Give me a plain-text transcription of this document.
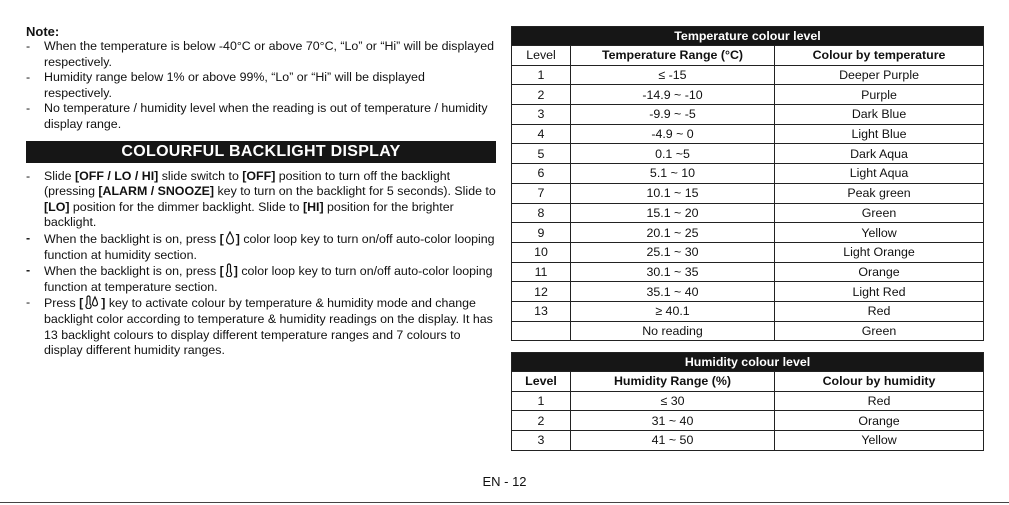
Note:

- When the temperature is below -40°C or above 70°C, “Lo” or “Hi” will be displayed respectively.
- Humidity range below 1% or above 99%, “Lo” or “Hi” will be displayed respectively.
- No temperature / humidity level when the reading is out of temperature / humidity display range.
COLOURFUL BACKLIGHT DISPLAY
- Slide [OFF / LO / HI] slide switch to [OFF] position to turn off the backlight (pressing [ALARM / SNOOZE] key to turn on the backlight for 5 seconds). Slide to [LO] position for the dimmer backlight. Slide to [HI] position for the brighter backlight.
- When the backlight is on, press [ ] color loop key to turn on/off auto-color looping function at humidity section.
- When the backlight is on, press [ ] color loop key to turn on/off auto-color looping function at temperature section.
- Press [ ] key to activate colour by temperature & humidity mode and change backlight color according to temperature & humidity readings on the display. It has 13 backlight colours to display different temperature ranges and 7 colours to display different humidity ranges.
Temperature colour level		
Level	Temperature Range (°C)	Colour by temperature
1	≤ -15	Deeper Purple
2	-14.9 ~ -10	Purple
3	-9.9 ~ -5	Dark Blue
4	-4.9 ~ 0	Light Blue
5	0.1 ~5	Dark Aqua
6	5.1 ~ 10	Light Aqua
7	10.1 ~ 15	Peak green
8	15.1 ~ 20	Green
9	20.1 ~ 25	Yellow
10	25.1 ~ 30	Light Orange
11	30.1 ~ 35	Orange
12	35.1 ~ 40	Light Red
13	≥ 40.1	Red
	No reading	Green
Humidity colour level		
Level	Humidity Range (%)	Colour by humidity
1	≤ 30	Red
2	31 ~ 40	Orange
3	41 ~ 50	Yellow
EN - 12
